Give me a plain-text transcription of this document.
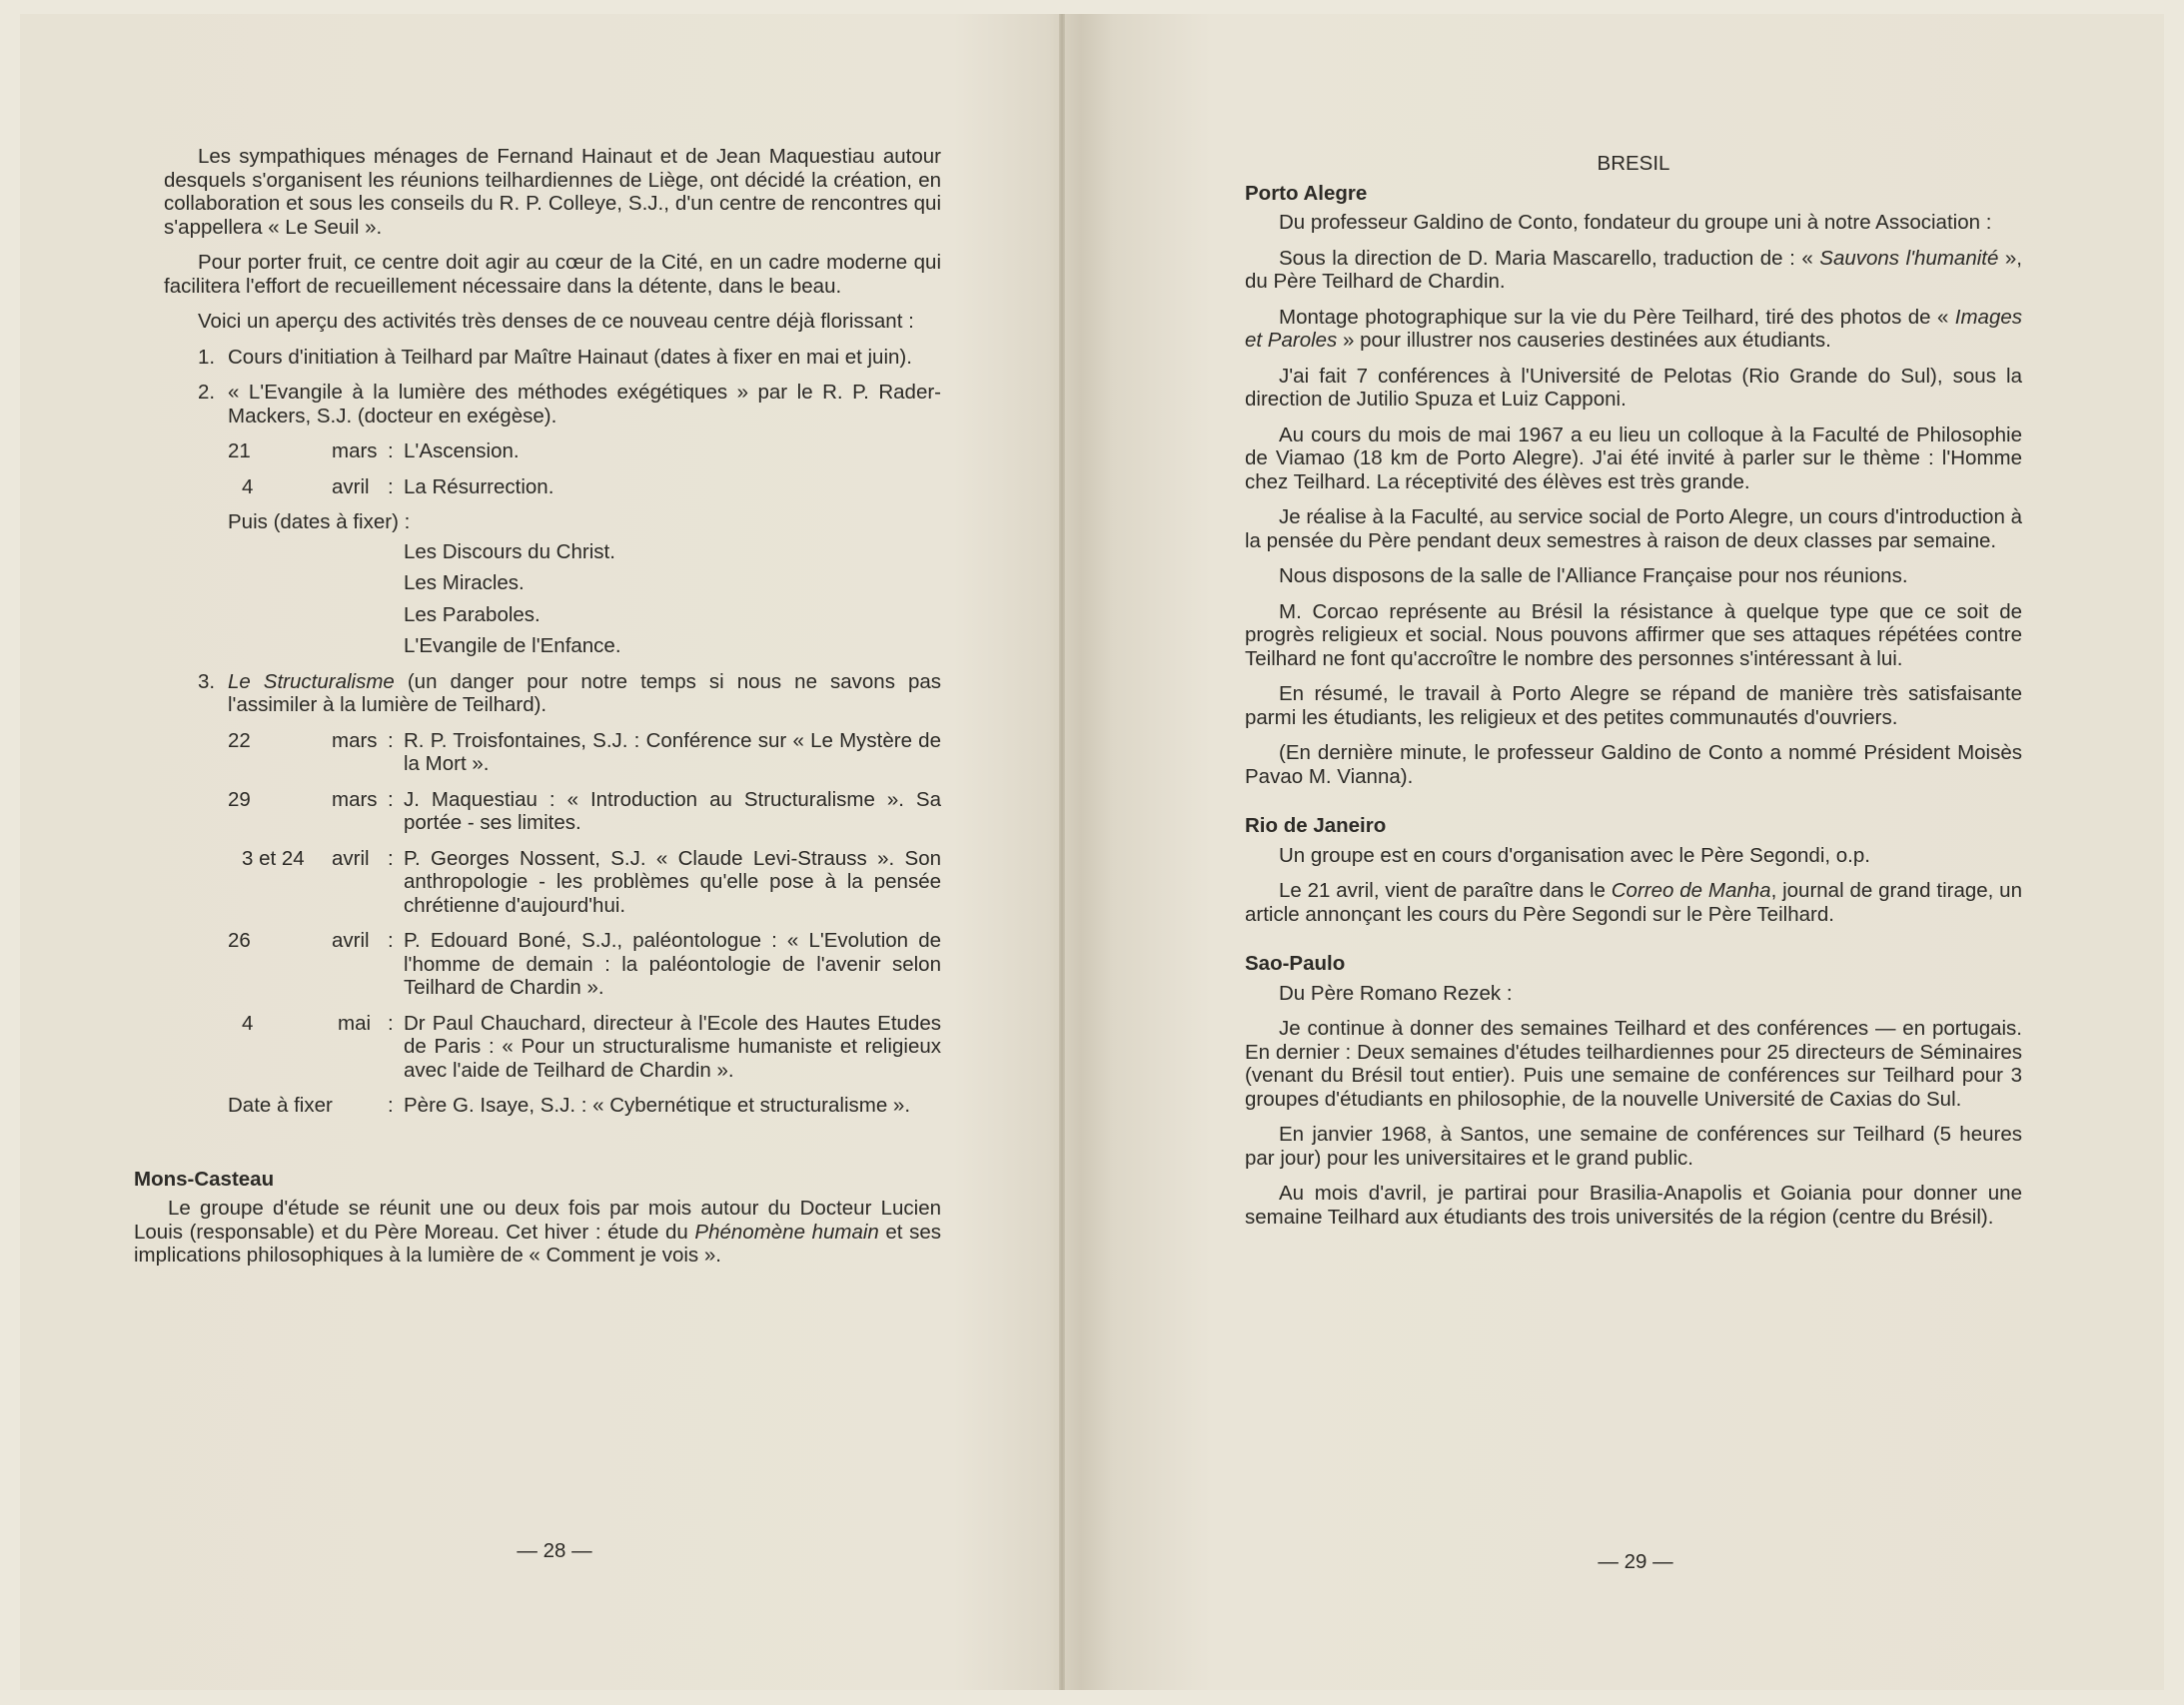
Les sympathiques ménages de Fernand Hainaut et de Jean Maquestiau autour desquels s'organisent les réunions teilhardiennes de Liège, ont décidé la création, en collaboration et sous les conseils du R. P. Colleye, S.J., d'un centre de rencontres qui s'appellera « Le Seuil ».

Pour porter fruit, ce centre doit agir au cœur de la Cité, en un cadre moderne qui facilitera l'effort de recueillement nécessaire dans la détente, dans le beau.

Voici un aperçu des activités très denses de ce nouveau centre déjà florissant :

1. Cours d'initiation à Teilhard par Maître Hainaut (dates à fixer en mai et juin).
2. « L'Evangile à la lumière des méthodes exégétiques » par le R. P. Rader-Mackers, S.J. (docteur en exégèse).
21	mars : L'Ascension.
4	avril : La Résurrection.
Puis (dates à fixer) :
Les Discours du Christ.
Les Miracles.
Les Paraboles.
L'Evangile de l'Enfance.
3. Le Structuralisme (un danger pour notre temps si nous ne savons pas l'assimiler à la lumière de Teilhard).
22	mars : R. P. Troisfontaines, S.J. : Conférence sur « Le Mystère de la Mort ».
29	mars : J. Maquestiau : « Introduction au Structuralisme ». Sa portée - ses limites.
3 et 24	avril : P. Georges Nossent, S.J. « Claude Levi-Strauss ». Son anthropologie - les problèmes qu'elle pose à la pensée chrétienne d'aujourd'hui.
26	avril : P. Edouard Boné, S.J., paléontologue : « L'Evolution de l'homme de demain : la paléontologie de l'avenir selon Teilhard de Chardin ».
4	mai : Dr Paul Chauchard, directeur à l'Ecole des Hautes Etudes de Paris : « Pour un structuralisme humaniste et religieux avec l'aide de Teilhard de Chardin ».
Date à fixer	: Père G. Isaye, S.J. : « Cybernétique et structuralisme ».
Mons-Casteau

Le groupe d'étude se réunit une ou deux fois par mois autour du Docteur Lucien Louis (responsable) et du Père Moreau. Cet hiver : étude du Phénomène humain et ses implications philosophiques à la lumière de « Comment je vois ».

— 28 —
BRESIL
Porto Alegre

Du professeur Galdino de Conto, fondateur du groupe uni à notre Association :

Sous la direction de D. Maria Mascarello, traduction de : « Sauvons l'humanité », du Père Teilhard de Chardin.

Montage photographique sur la vie du Père Teilhard, tiré des photos de « Images et Paroles » pour illustrer nos causeries destinées aux étudiants.

J'ai fait 7 conférences à l'Université de Pelotas (Rio Grande do Sul), sous la direction de Jutilio Spuza et Luiz Capponi.

Au cours du mois de mai 1967 a eu lieu un colloque à la Faculté de Philosophie de Viamao (18 km de Porto Alegre). J'ai été invité à parler sur le thème : l'Homme chez Teilhard. La réceptivité des élèves est très grande.

Je réalise à la Faculté, au service social de Porto Alegre, un cours d'introduction à la pensée du Père pendant deux semestres à raison de deux classes par semaine.

Nous disposons de la salle de l'Alliance Française pour nos réunions.

M. Corcao représente au Brésil la résistance à quelque type que ce soit de progrès religieux et social. Nous pouvons affirmer que ses attaques répétées contre Teilhard ne font qu'accroître le nombre des personnes s'intéressant à lui.

En résumé, le travail à Porto Alegre se répand de manière très satisfaisante parmi les étudiants, les religieux et des petites communautés d'ouvriers.

(En dernière minute, le professeur Galdino de Conto a nommé Président Moisès Pavao M. Vianna).

Rio de Janeiro

Un groupe est en cours d'organisation avec le Père Segondi, o.p.

Le 21 avril, vient de paraître dans le Correo de Manha, journal de grand tirage, un article annonçant les cours du Père Segondi sur le Père Teilhard.

Sao-Paulo

Du Père Romano Rezek :

Je continue à donner des semaines Teilhard et des conférences — en portugais. En dernier : Deux semaines d'études teilhardiennes pour 25 directeurs de Séminaires (venant du Brésil tout entier). Puis une semaine de conférences sur Teilhard pour 3 groupes d'étudiants en philosophie, de la nouvelle Université de Caxias do Sul.

En janvier 1968, à Santos, une semaine de conférences sur Teilhard (5 heures par jour) pour les universitaires et le grand public.

Au mois d'avril, je partirai pour Brasilia-Anapolis et Goiania pour donner une semaine Teilhard aux étudiants des trois universités de la région (centre du Brésil).

— 29 —
